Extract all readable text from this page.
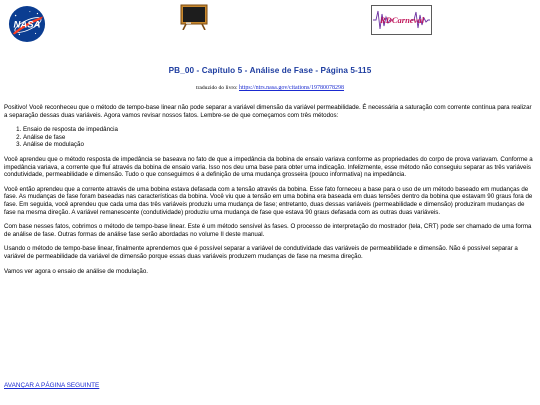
NASA	RDCarneval
PB_00 - Capítulo 5 - Análise de Fase - Página 5-115
traduzido do livro: https://ntrs.nasa.gov/citations/19780078298

Positivo! Você reconheceu que o método de tempo-base linear não pode separar a variável dimensão da variável permeabilidade. É necessária a saturação com corrente contínua para realizar a separação dessas duas variáveis. Agora vamos revisar nossos fatos. Lembre-se de que começamos com três métodos:

1. Ensaio de resposta de impedância
2. Análise de fase
3. Análise de modulação

Você aprendeu que o método resposta de impedância se baseava no fato de que a impedância da bobina de ensaio variava conforme as propriedades do corpo de prova variavam. Conforme a impedância variava, a corrente que fluí através da bobina de ensaio varia. Isso nos deu uma base para obter uma indicação. Infelizmente, esse método não conseguiu separar as três variáveis condutividade, permeabilidade e dimensão. Tudo o que conseguimos é a definição de uma mudança grosseira (pouco informativa) na impedância.

Você então aprendeu que a corrente através de uma bobina estava defasada com a tensão através da bobina. Esse fato forneceu a base para o uso de um método baseado em mudanças de fase. As mudanças de fase foram baseadas nas características da bobina. Você viu que a tensão em uma bobina era baseada em duas tensões dentro da bobina que estavam 90 graus fora de fase. Em seguida, você aprendeu que cada uma das três variáveis produziu uma mudança de fase; entretanto, duas dessas variáveis (permeabilidade e dimensão) produziram mudanças de fase na mesma direção. A variável remanescente (condutividade) produziu uma mudança de fase que estava 90 graus defasada com as outras duas variáveis.

Com base nesses fatos, cobrimos o método de tempo-base linear. Este é um método sensível às fases. O processo de interpretação do mostrador (tela, CRT) pode ser chamado de uma forma de análise de fase. Outras formas de análise fase serão abordadas no volume II deste manual.

Usando o método de tempo-base linear, finalmente aprendemos que é possível separar a variável de condutividade das variáveis de permeabilidade e dimensão. Não é possível separar a variável de permeabilidade da variável de dimensão porque essas duas variáveis produzem mudanças de fase na mesma direção.

Vamos ver agora o ensaio de análise de modulação.

AVANÇAR A PÁGINA SEGUINTE
